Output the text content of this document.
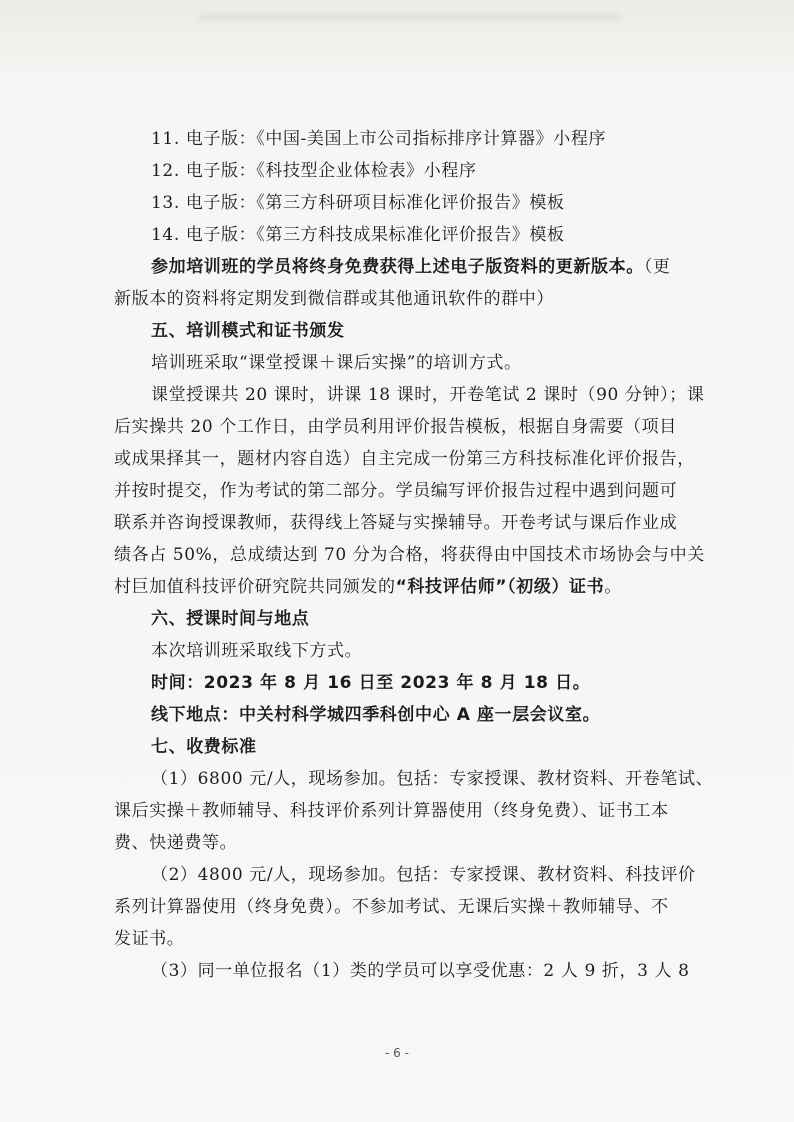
11. 电子版：《中国-美国上市公司指标排序计算器》小程序
12. 电子版：《科技型企业体检表》小程序
13. 电子版：《第三方科研项目标准化评价报告》模板
14. 电子版：《第三方科技成果标准化评价报告》模板
参加培训班的学员将终身免费获得上述电子版资料的更新版本。（更
新版本的资料将定期发到微信群或其他通讯软件的群中）
五、培训模式和证书颁发
培训班采取“课堂授课＋课后实操”的培训方式。
课堂授课共 20 课时，讲课 18 课时，开卷笔试 2 课时（90 分钟）；课
后实操共 20 个工作日，由学员利用评价报告模板，根据自身需要（项目
或成果择其一，题材内容自选）自主完成一份第三方科技标准化评价报告，
并按时提交，作为考试的第二部分。学员编写评价报告过程中遇到问题可
联系并咨询授课教师，获得线上答疑与实操辅导。开卷考试与课后作业成
绩各占 50%，总成绩达到 70 分为合格，将获得由中国技术市场协会与中关
村巨加值科技评价研究院共同颁发的“科技评估师”（初级）证书。
六、授课时间与地点
本次培训班采取线下方式。
时间：2023 年 8 月 16 日至 2023 年 8 月 18 日。
线下地点：中关村科学城四季科创中心 A 座一层会议室。
七、收费标准
（1）6800 元/人，现场参加。包括：专家授课、教材资料、开卷笔试、
课后实操＋教师辅导、科技评价系列计算器使用（终身免费）、证书工本
费、快递费等。
（2）4800 元/人，现场参加。包括：专家授课、教材资料、科技评价
系列计算器使用（终身免费）。不参加考试、无课后实操＋教师辅导、不
发证书。
（3）同一单位报名（1）类的学员可以享受优惠：2 人 9 折，3 人 8
- 6 -
